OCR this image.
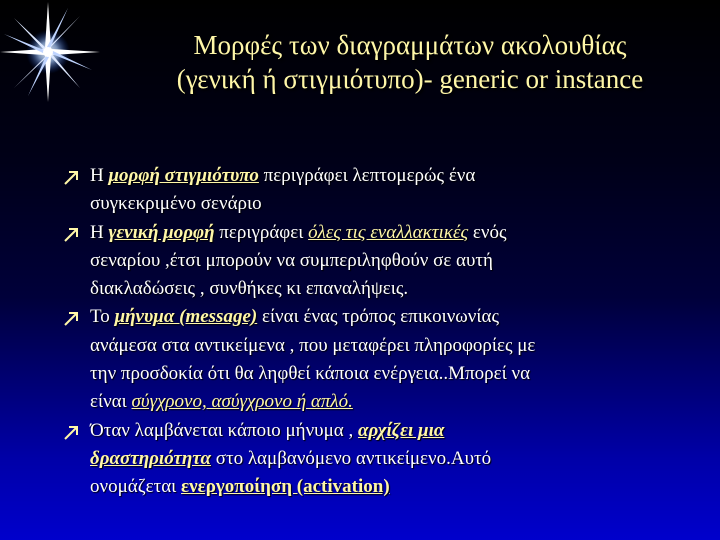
Μορφές των διαγραμμάτων ακολουθίας
(γενική ή στιγμιότυπο)- generic or instance
Η μορφή στιγμιότυπο περιγράφει λεπτομερώς ένα
συγκεκριμένο σενάριο
Η γενική μορφή περιγράφει όλες τις εναλλακτικές ενός
σεναρίου ,έτσι μπορούν να συμπεριληφθούν σε αυτή
διακλαδώσεις , συνθήκες κι επαναλήψεις.
Το μήνυμα (message) είναι ένας τρόπος επικοινωνίας
ανάμεσα στα αντικείμενα , που μεταφέρει πληροφορίες με
την προσδοκία ότι θα ληφθεί κάποια ενέργεια..Μπορεί να
είναι σύγχρονο, ασύγχρονο ή απλό.
Όταν λαμβάνεται κάποιο μήνυμα , αρχίζει μια
δραστηριότητα στο λαμβανόμενο αντικείμενο.Αυτό
ονομάζεται ενεργοποίηση (activation)
